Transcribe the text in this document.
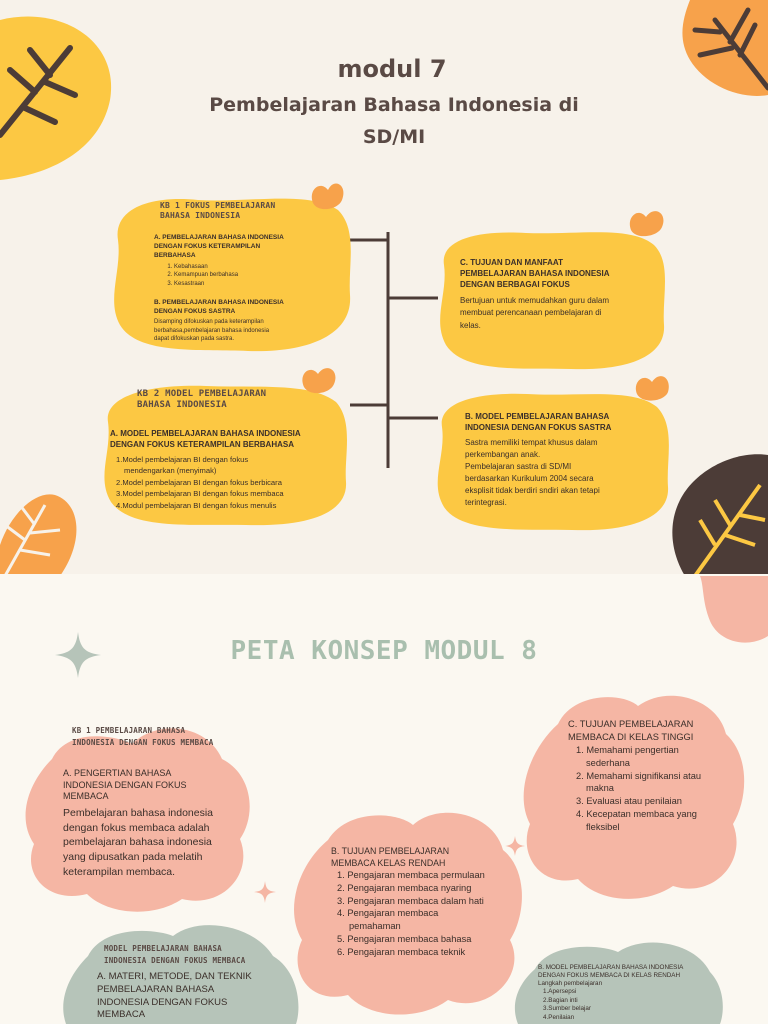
modul 7
Pembelajaran Bahasa Indonesia di
SD/MI
KB 1 FOKUS PEMBELAJARAN
BAHASA INDONESIA
A. PEMBELAJARAN BAHASA INDONESIA
DENGAN FOKUS KETERAMPILAN
BERBAHASA
1. Kebahasaan
2. Kemampuan berbahasa
3. Kesastraan
B. PEMBELAJARAN BAHASA INDONESIA
DENGAN FOKUS SASTRA
Disamping difokuskan pada keterampilan
berbahasa,pembelajaran bahasa indonesia
dapat difokuskan pada sastra.
KB 2 MODEL PEMBELAJARAN
BAHASA INDONESIA
A. MODEL PEMBELAJARAN BAHASA INDONESIA
DENGAN FOKUS KETERAMPILAN BERBAHASA
1.Model pembelajaran BI dengan fokus
mendengarkan (menyimak)
2.Model pembelajaran BI dengan fokus berbicara
3.Model pembelajaran BI dengan fokus membaca
4.Modul pembelajaran BI dengan fokus menulis
C. TUJUAN DAN MANFAAT
PEMBELAJARAN BAHASA INDONESIA
DENGAN BERBAGAI FOKUS
Bertujuan untuk memudahkan guru dalam
membuat perencanaan pembelajaran di
kelas.
B. MODEL PEMBELAJARAN BAHASA
INDONESIA DENGAN FOKUS SASTRA
Sastra memiliki tempat khusus dalam
perkembangan anak.
Pembelajaran sastra di SD/MI
berdasarkan Kurikulum 2004 secara
eksplisit tidak berdiri sndiri akan tetapi
terintegrasi.
PETA KONSEP MODUL 8
KB 1 PEMBELAJARAN BAHASA
INDONESIA DENGAN FOKUS MEMBACA
A. PENGERTIAN BAHASA
INDONESIA DENGAN FOKUS
MEMBACA
Pembelajaran bahasa indonesia
dengan fokus membaca adalah
pembelajaran bahasa indonesia
yang dipusatkan pada melatih
keterampilan membaca.
B. TUJUAN PEMBELAJARAN
MEMBACA KELAS RENDAH
1. Pengajaran membaca permulaan
2. Pengajaran membaca nyaring
3. Pengajaran membaca dalam hati
4. Pengajaran membaca
pemahaman
5. Pengajaran membaca bahasa
6. Pengajaran membaca teknik
C. TUJUAN PEMBELAJARAN
MEMBACA DI KELAS TINGGI
1. Memahami pengertian
sederhana
2. Memahami signifikansi atau
makna
3. Evaluasi atau penilaian
4. Kecepatan membaca yang
fleksibel
MODEL PEMBELAJARAN BAHASA
INDONESIA DENGAN FOKUS MEMBACA
A. MATERI, METODE, DAN TEKNIK
PEMBELAJARAN BAHASA
INDONESIA DENGAN FOKUS
MEMBACA
B. MODEL PEMBELAJARAN BAHASA INDONESIA
DENGAN FOKUS MEMBACA DI KELAS RENDAH
Langkah pembelajaran
1.Apersepsi
2.Bagian inti
3.Sumber belajar
4.Penilaian
